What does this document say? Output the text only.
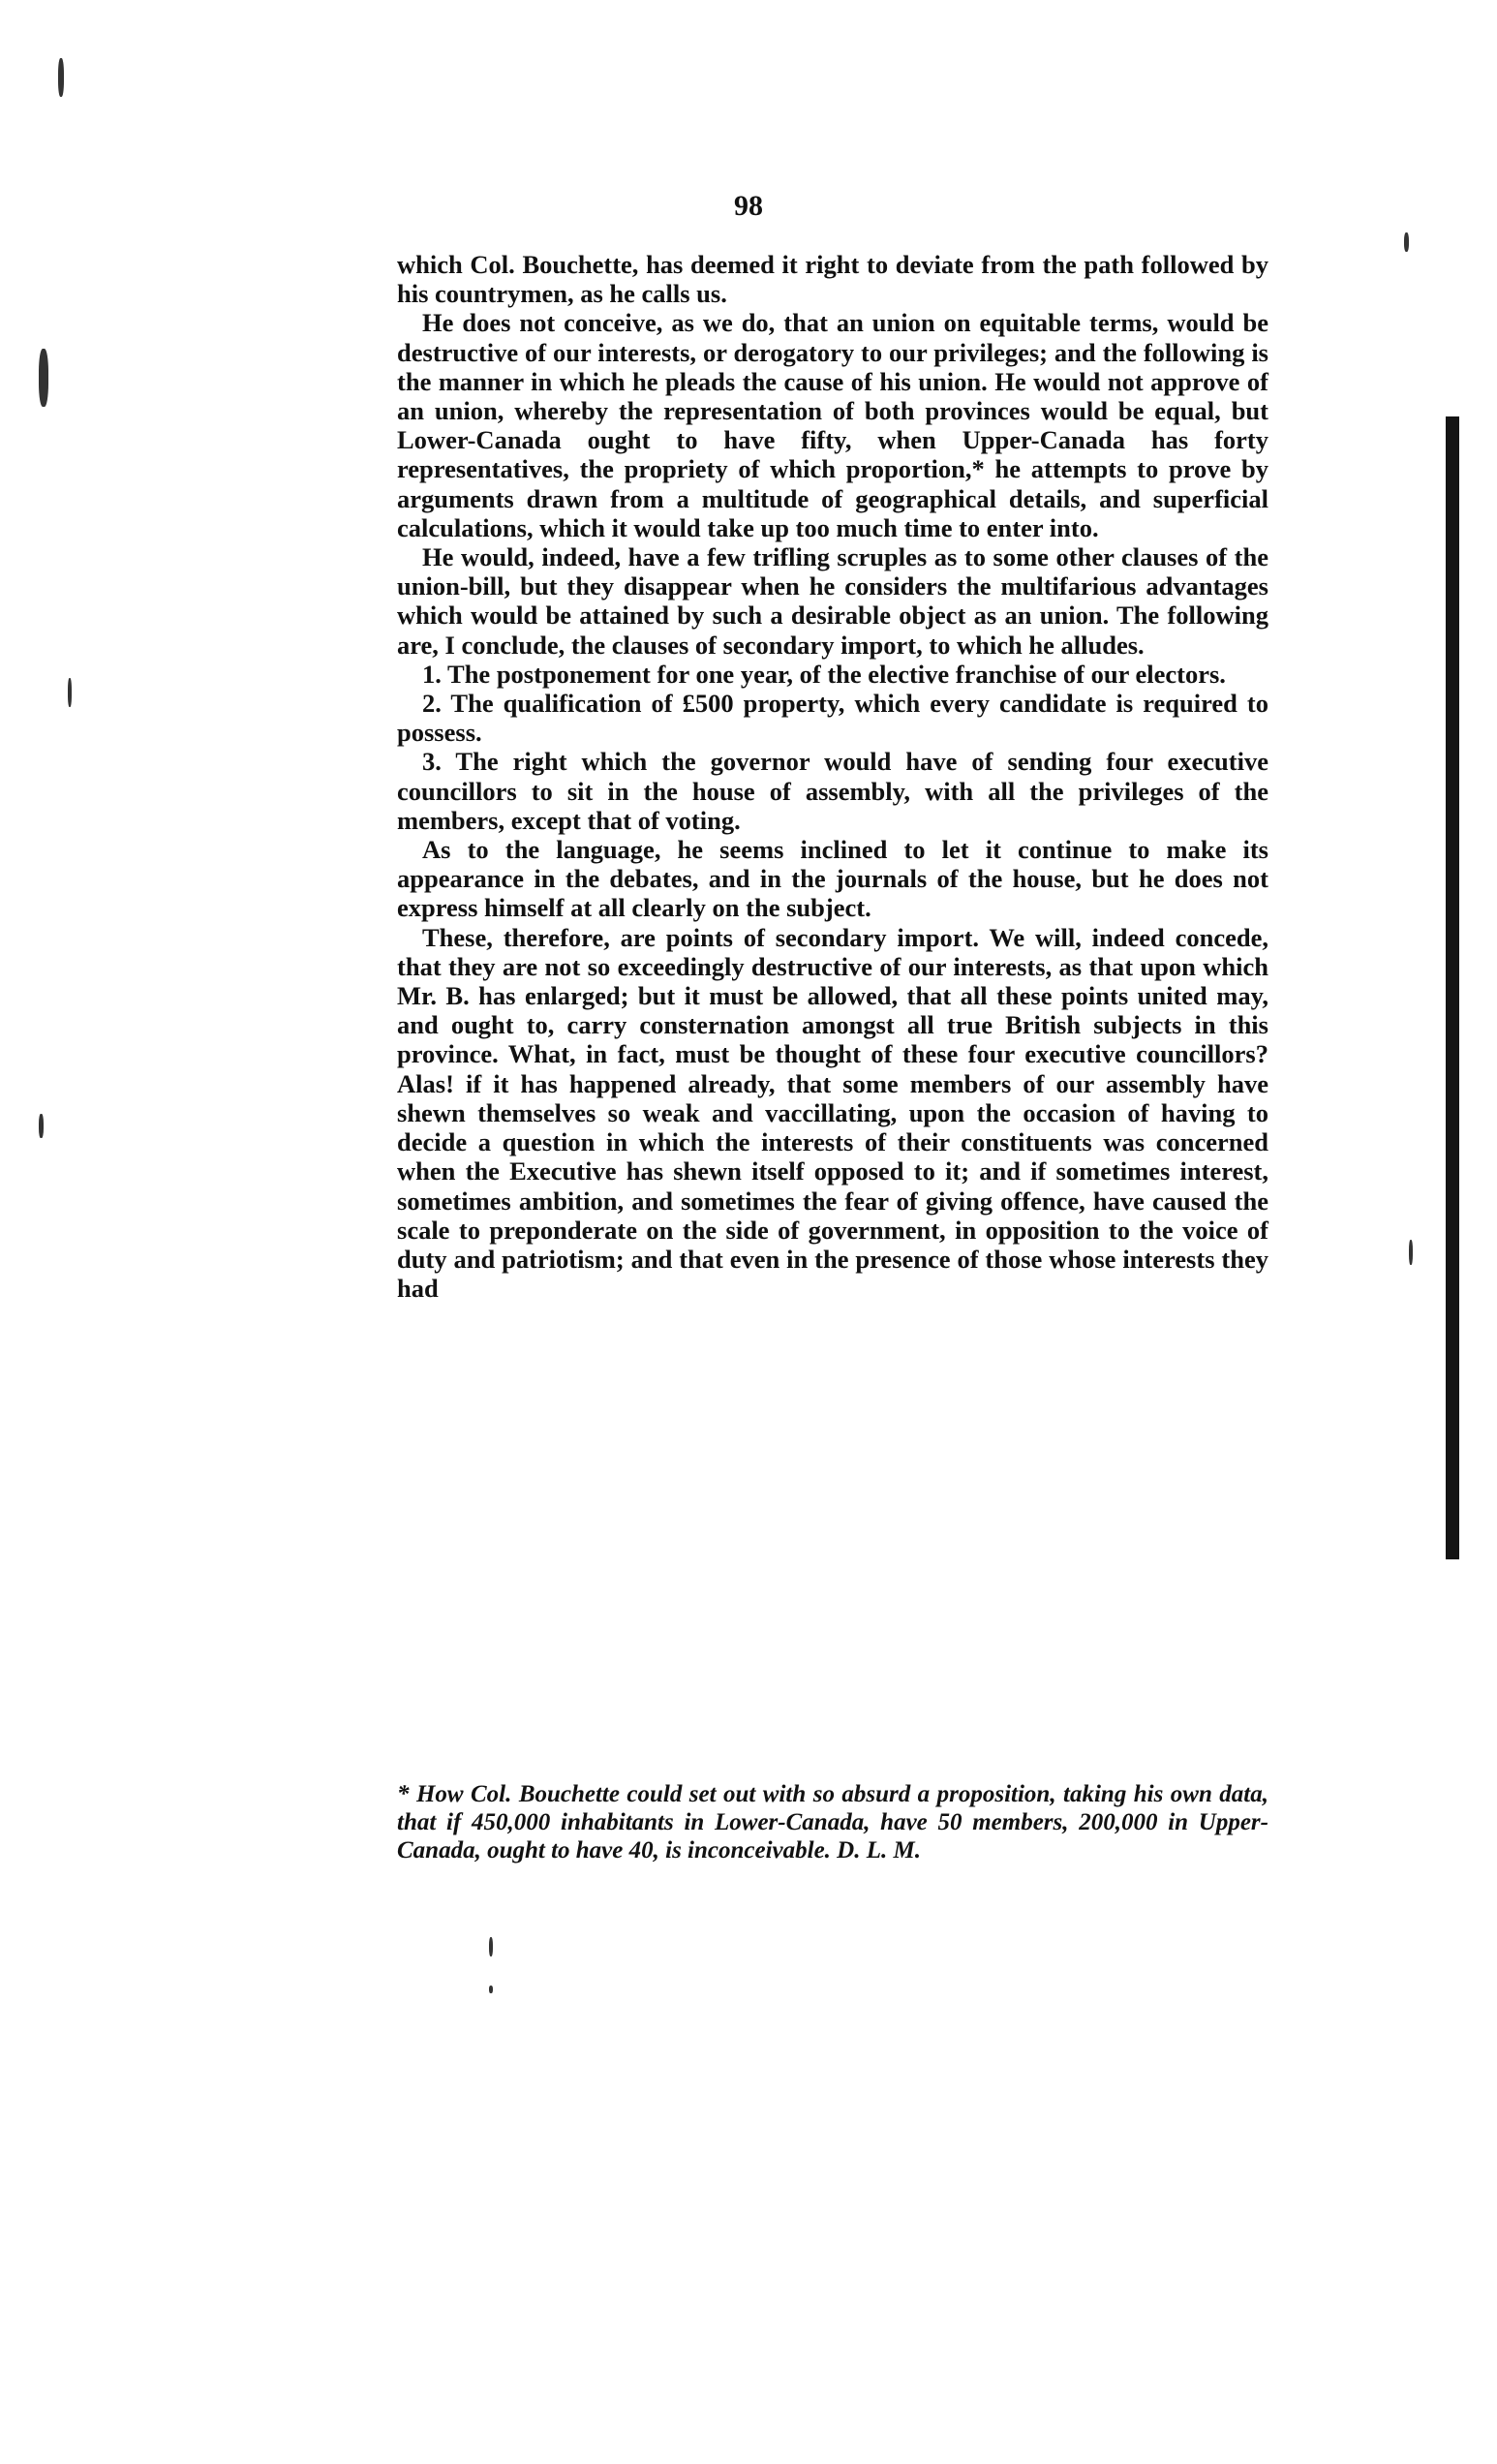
98

which Col. Bouchette, has deemed it right to deviate from the path followed by his countrymen, as he calls us.

He does not conceive, as we do, that an union on equitable terms, would be destructive of our interests, or derogatory to our privileges; and the following is the manner in which he pleads the cause of his union. He would not approve of an union, whereby the representation of both provinces would be equal, but Lower-Canada ought to have fifty, when Upper-Canada has forty representatives, the propriety of which proportion,* he attempts to prove by arguments drawn from a multitude of geographical details, and superficial calculations, which it would take up too much time to enter into.

He would, indeed, have a few trifling scruples as to some other clauses of the union-bill, but they disappear when he considers the multifarious advantages which would be attained by such a desirable object as an union. The following are, I conclude, the clauses of secondary import, to which he alludes.

1. The postponement for one year, of the elective franchise of our electors.

2. The qualification of £500 property, which every candidate is required to possess.

3. The right which the governor would have of sending four executive councillors to sit in the house of assembly, with all the privileges of the members, except that of voting.

As to the language, he seems inclined to let it continue to make its appearance in the debates, and in the journals of the house, but he does not express himself at all clearly on the subject.

These, therefore, are points of secondary import. We will, indeed concede, that they are not so exceedingly destructive of our interests, as that upon which Mr. B. has enlarged; but it must be allowed, that all these points united may, and ought to, carry consternation amongst all true British subjects in this province. What, in fact, must be thought of these four executive councillors? Alas! if it has happened already, that some members of our assembly have shewn themselves so weak and vaccillating, upon the occasion of having to decide a question in which the interests of their constituents was concerned when the Executive has shewn itself opposed to it; and if sometimes interest, sometimes ambition, and sometimes the fear of giving offence, have caused the scale to preponderate on the side of government, in opposition to the voice of duty and patriotism; and that even in the presence of those whose interests they had

* How Col. Bouchette could set out with so absurd a proposition, taking his own data, that if 450,000 inhabitants in Lower-Canada, have 50 members, 200,000 in Upper-Canada, ought to have 40, is inconceivable. D. L. M.
